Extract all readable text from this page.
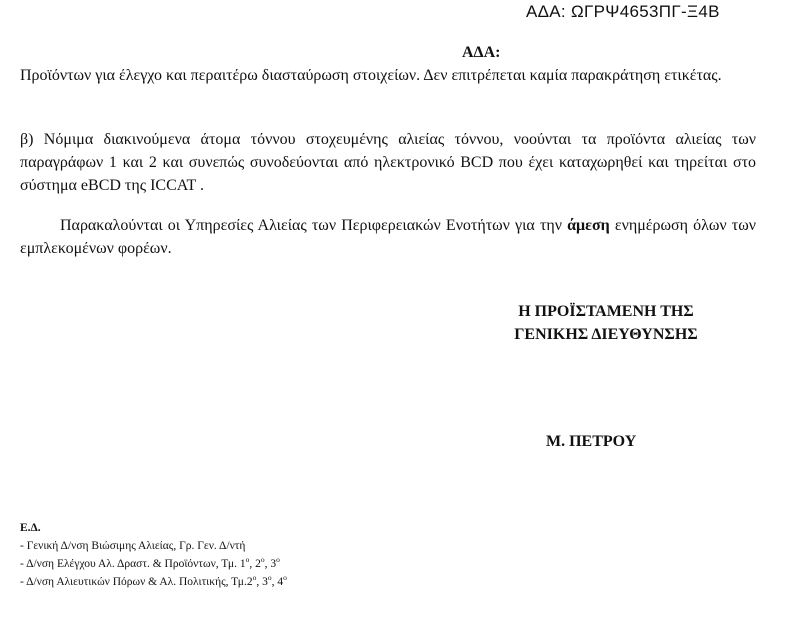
ΑΔΑ: ΩΓΡΨ4653ΠΓ-Ξ4Β
ΑΔΑ:

Προϊόντων για έλεγχο και περαιτέρω διασταύρωση στοιχείων. Δεν επιτρέπεται καμία παρακράτηση ετικέτας.

β) Νόμιμα διακινούμενα άτομα τόννου στοχευμένης αλιείας τόννου, νοούνται τα προϊόντα αλιείας των παραγράφων 1 και 2 και συνεπώς συνοδεύονται από ηλεκτρονικό BCD που έχει καταχωρηθεί και τηρείται στο σύστημα eBCD της ICCAT .

Παρακαλούνται οι Υπηρεσίες Αλιείας των Περιφερειακών Ενοτήτων για την άμεση ενημέρωση όλων των εμπλεκομένων φορέων.

Η ΠΡΟΪΣΤΑΜΕΝΗ ΤΗΣ
ΓΕΝΙΚΗΣ ΔΙΕΥΘΥΝΣΗΣ
Μ. ΠΕΤΡΟΥ
Ε.Δ.
- Γενική Δ/νση Βιώσιμης Αλιείας, Γρ. Γεν. Δ/ντή
- Δ/νση Ελέγχου Αλ. Δραστ. & Προϊόντων, Τμ. $1^o$, $2^o$, $3^o$
- Δ/νση Αλιευτικών Πόρων & Αλ. Πολιτικής, $T\mu.2^o$, $3^o$, $4^o$
